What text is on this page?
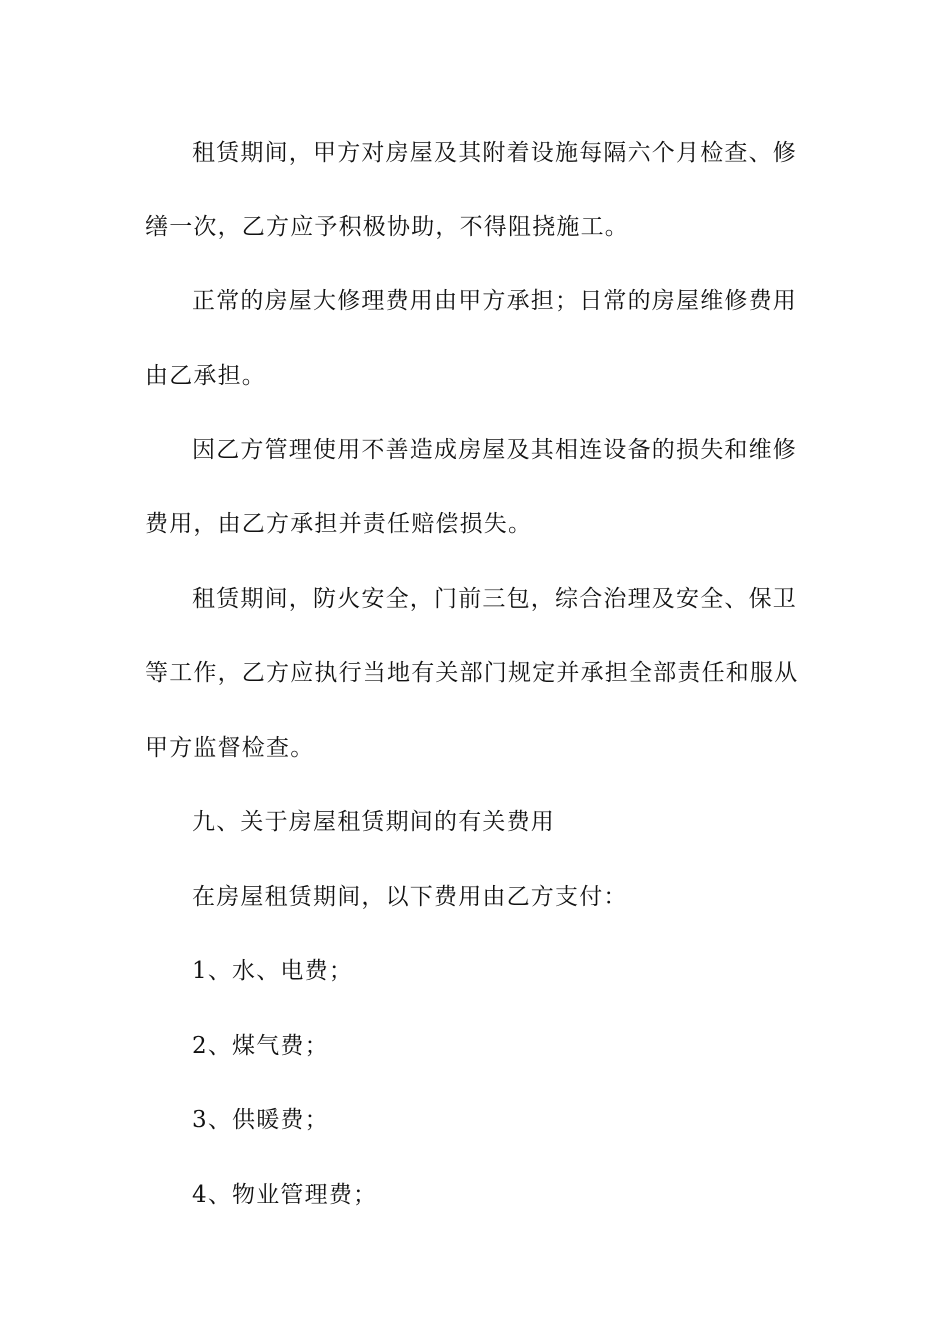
租赁期间，甲方对房屋及其附着设施每隔六个月检查、修
缮一次，乙方应予积极协助，不得阻挠施工。
正常的房屋大修理费用由甲方承担；日常的房屋维修费用
由乙承担。
因乙方管理使用不善造成房屋及其相连设备的损失和维修
费用，由乙方承担并责任赔偿损失。
租赁期间，防火安全，门前三包，综合治理及安全、保卫
等工作，乙方应执行当地有关部门规定并承担全部责任和服从
甲方监督检查。
九、关于房屋租赁期间的有关费用
在房屋租赁期间，以下费用由乙方支付：
1、水、电费；
2、煤气费；
3、供暖费；
4、物业管理费；
